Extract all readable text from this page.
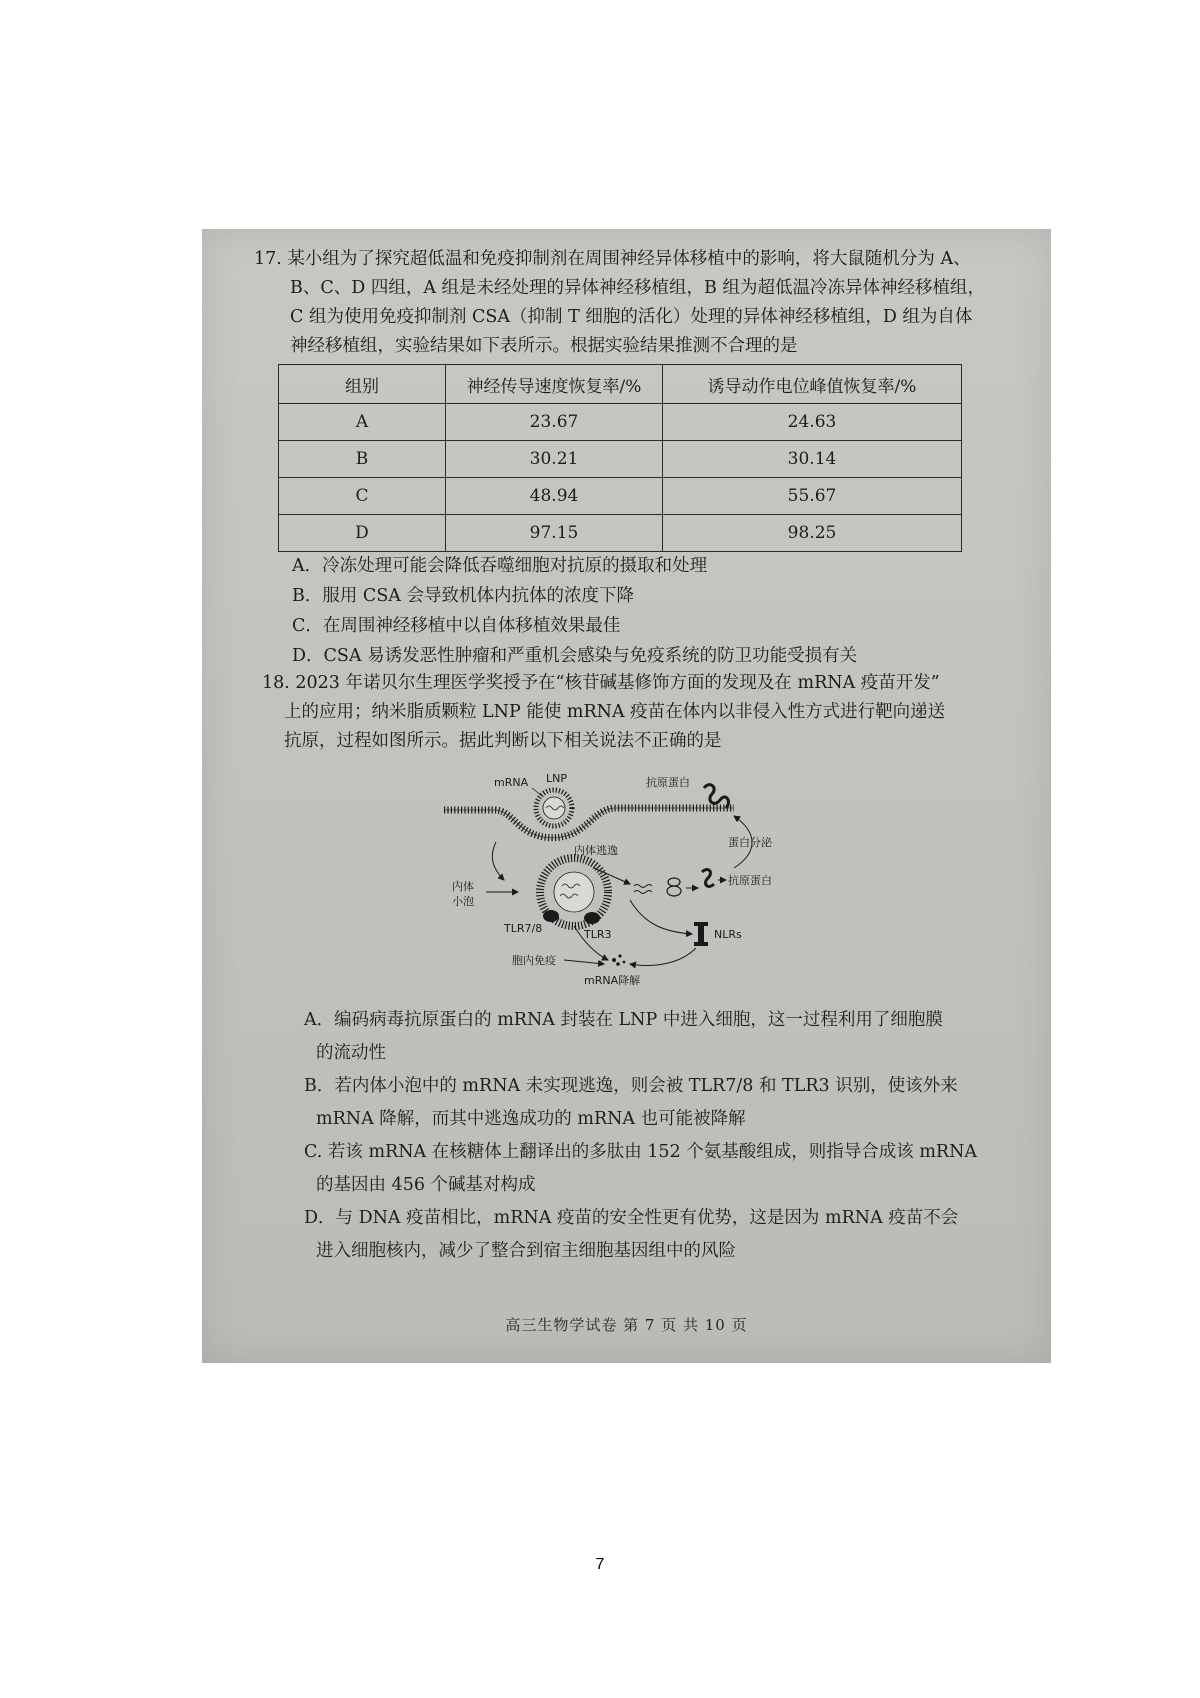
17. 某小组为了探究超低温和免疫抑制剂在周围神经异体移植中的影响，将大鼠随机分为 A、
B、C、D 四组，A 组是未经处理的异体神经移植组，B 组为超低温冷冻异体神经移植组，
C 组为使用免疫抑制剂 CSA（抑制 T 细胞的活化）处理的异体神经移植组，D 组为自体
神经移植组，实验结果如下表所示。根据实验结果推测不合理的是
组别	神经传导速度恢复率/%	诱导动作电位峰值恢复率/%
A	23.67	24.63
B	30.21	30.14
C	48.94	55.67
D	97.15	98.25
A．冷冻处理可能会降低吞噬细胞对抗原的摄取和处理
B．服用 CSA 会导致机体内抗体的浓度下降
C．在周围神经移植中以自体移植效果最佳
D．CSA 易诱发恶性肿瘤和严重机会感染与免疫系统的防卫功能受损有关
18. 2023 年诺贝尔生理医学奖授予在“核苷碱基修饰方面的发现及在 mRNA 疫苗开发”
上的应用；纳米脂质颗粒 LNP 能使 mRNA 疫苗在体内以非侵入性方式进行靶向递送
抗原，过程如图所示。据此判断以下相关说法不正确的是
mRNA LNP	抗原蛋白
内体
小泡
内体逃逸
抗原蛋白
蛋白分泌
NLRs
TLR7/8	TLR3
胞内免疫
mRNA降解
A．编码病毒抗原蛋白的 mRNA 封装在 LNP 中进入细胞，这一过程利用了细胞膜
的流动性
B．若内体小泡中的 mRNA 未实现逃逸，则会被 TLR7/8 和 TLR3 识别，使该外来
mRNA 降解，而其中逃逸成功的 mRNA 也可能被降解
C. 若该 mRNA 在核糖体上翻译出的多肽由 152 个氨基酸组成，则指导合成该 mRNA
的基因由 456 个碱基对构成
D．与 DNA 疫苗相比，mRNA 疫苗的安全性更有优势，这是因为 mRNA 疫苗不会
进入细胞核内，减少了整合到宿主细胞基因组中的风险
高三生物学试卷 第 7 页 共 10 页
7
